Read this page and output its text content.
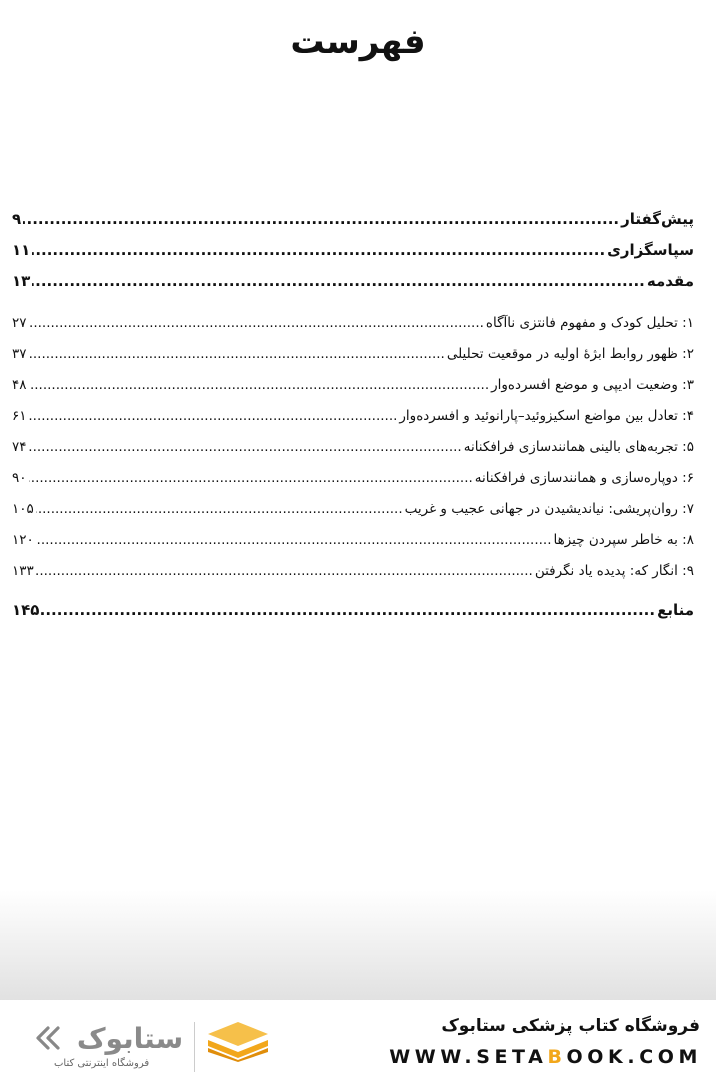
فهرست
پیش‌گفتار
.....
۹
سپاسگزاری
.....
۱۱
مقدمه
.....
۱۳
۱: تحلیل کودک و مفهوم فانتزی ناآگاه
.....
۲۷
۲: ظهور روابط ابژهٔ اولیه در موقعیت تحلیلی
.....
۳۷
۳: وضعیت ادیپی و موضع افسرده‌وار
.....
۴۸
۴: تعادل بین مواضع اسکیزوئید–پارانوئید و افسرده‌وار
.....
۶۱
۵: تجربه‌های بالینی همانندسازی فرافکنانه
.....
۷۴
۶: دوپاره‌سازی و همانندسازی فرافکنانه
.....
۹۰
۷: روان‌پریشی: نیاندیشیدن در جهانی عجیب و غریب
.....
۱۰۵
۸: به خاطر سپردن چیزها
.....
۱۲۰
۹: انگار که: پدیده یاد نگرفتن
.....
۱۳۳
منابع
.....
۱۴۵
فروشگاه کتاب پزشکی ستابوک
WWW.SETABOOK.COM
ستابوک
فروشگاه اینترنتی کتاب
